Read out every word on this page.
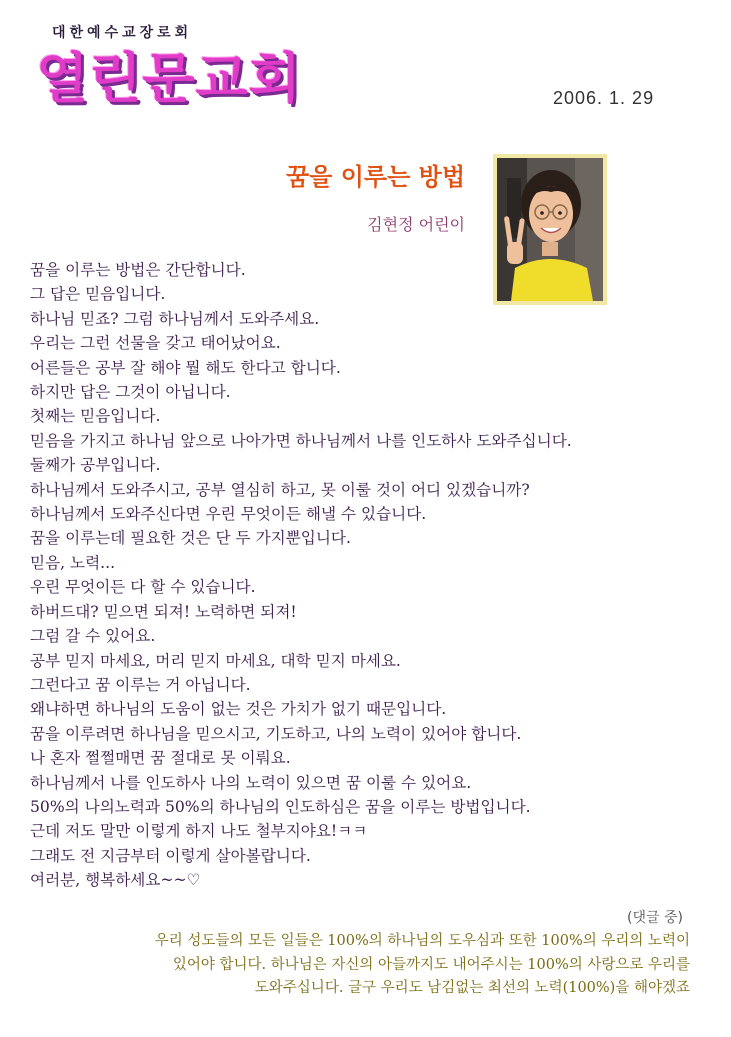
대한예수교장로회
열린문교회	2006. 1. 29
꿈을 이루는 방법
김현정 어린이
꿈을 이루는 방법은 간단합니다.
그 답은 믿음입니다.
하나님 믿죠? 그럼 하나님께서 도와주세요.
우리는 그런 선물을 갖고 태어났어요.
어른들은 공부 잘 해야 뭘 해도 한다고 합니다.
하지만 답은 그것이 아닙니다.
첫째는 믿음입니다.
믿음을 가지고 하나님 앞으로 나아가면 하나님께서 나를 인도하사 도와주십니다.
둘째가 공부입니다.
하나님께서 도와주시고, 공부 열심히 하고, 못 이룰 것이 어디 있겠습니까?
하나님께서 도와주신다면 우린 무엇이든 해낼 수 있습니다.
꿈을 이루는데 필요한 것은 단 두 가지뿐입니다.
믿음, 노력...
우린 무엇이든 다 할 수 있습니다.
하버드대? 믿으면 되져! 노력하면 되져!
그럼 갈 수 있어요.
공부 믿지 마세요, 머리 믿지 마세요, 대학 믿지 마세요.
그런다고 꿈 이루는 거 아닙니다.
왜냐하면 하나님의 도움이 없는 것은 가치가 없기 때문입니다.
꿈을 이루려면 하나님을 믿으시고, 기도하고, 나의 노력이 있어야 합니다.
나 혼자 쩔쩔매면 꿈 절대로 못 이뤄요.
하나님께서 나를 인도하사 나의 노력이 있으면 꿈 이룰 수 있어요.
50%의 나의노력과 50%의 하나님의 인도하심은 꿈을 이루는 방법입니다.
근데 저도 말만 이렇게 하지 나도 철부지야요!ㅋㅋ
그래도 전 지금부터 이렇게 살아볼랍니다.
여러분, 행복하세요~~♡
(댓글 중)
우리 성도들의 모든 일들은 100%의 하나님의 도우심과 또한 100%의 우리의 노력이
있어야 합니다. 하나님은 자신의 아들까지도 내어주시는 100%의 사랑으로 우리를
도와주십니다. 글구 우리도 남김없는 최선의 노력(100%)을 해야겠죠
